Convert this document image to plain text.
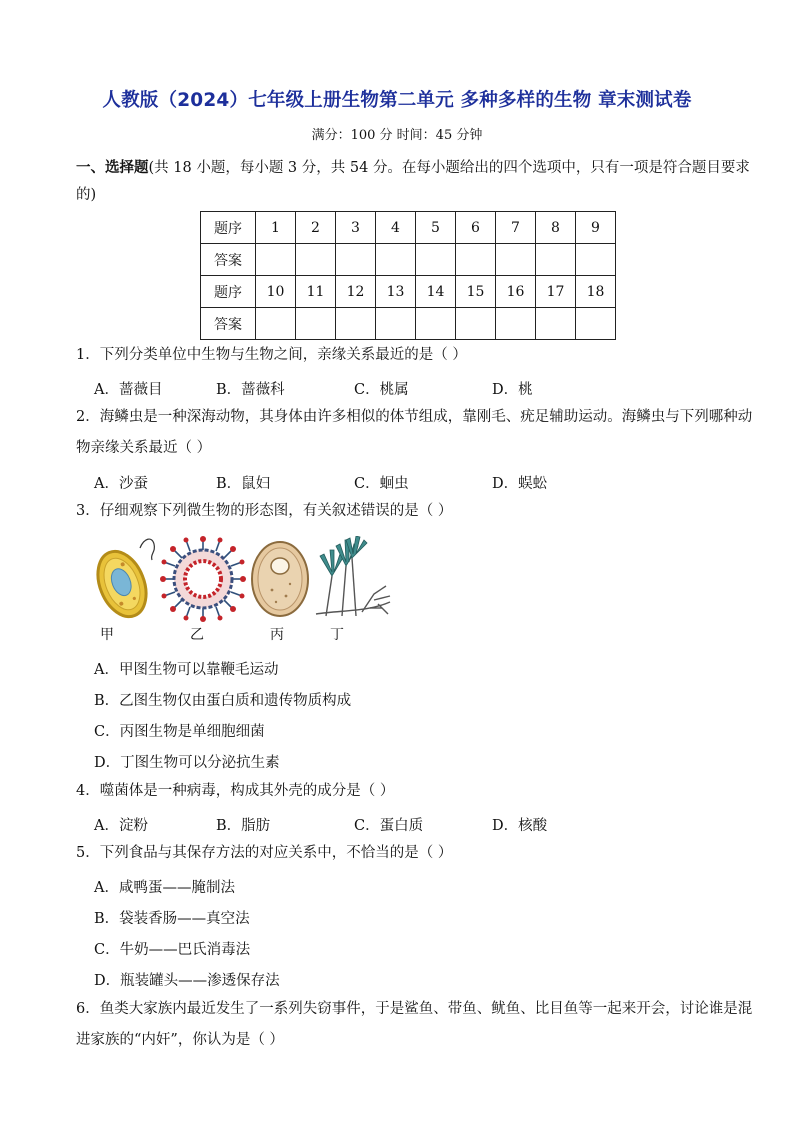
人教版（2024）七年级上册生物第二单元 多种多样的生物 章末测试卷
满分：100 分 时间：45 分钟
一、选择题(共 18 小题，每小题 3 分，共 54 分。在每小题给出的四个选项中，只有一项是符合题目要求的)
题序	1	2	3	4	5	6	7	8	9
答案									
题序	10	11	12	13	14	15	16	17	18
答案									
1．下列分类单位中生物与生物之间，亲缘关系最近的是（ ）
A．蔷薇目	B．蔷薇科	C．桃属	D．桃
2．海鳞虫是一种深海动物，其身体由许多相似的体节组成，靠刚毛、疣足辅助运动。海鳞虫与下列哪种动物亲缘关系最近（ ）
A．沙蚕	B．鼠妇	C．蛔虫	D．蜈蚣
3．仔细观察下列微生物的形态图，有关叙述错误的是（ ）
甲	乙	丙	丁
A．甲图生物可以靠鞭毛运动
B．乙图生物仅由蛋白质和遗传物质构成
C．丙图生物是单细胞细菌
D．丁图生物可以分泌抗生素
4．噬菌体是一种病毒，构成其外壳的成分是（ ）
A．淀粉	B．脂肪	C．蛋白质	D．核酸
5．下列食品与其保存方法的对应关系中，不恰当的是（ ）
A．咸鸭蛋——腌制法
B．袋装香肠——真空法
C．牛奶——巴氏消毒法
D．瓶装罐头——渗透保存法
6．鱼类大家族内最近发生了一系列失窃事件，于是鲨鱼、带鱼、鱿鱼、比目鱼等一起来开会，讨论谁是混进家族的“内奸”，你认为是（ ）
